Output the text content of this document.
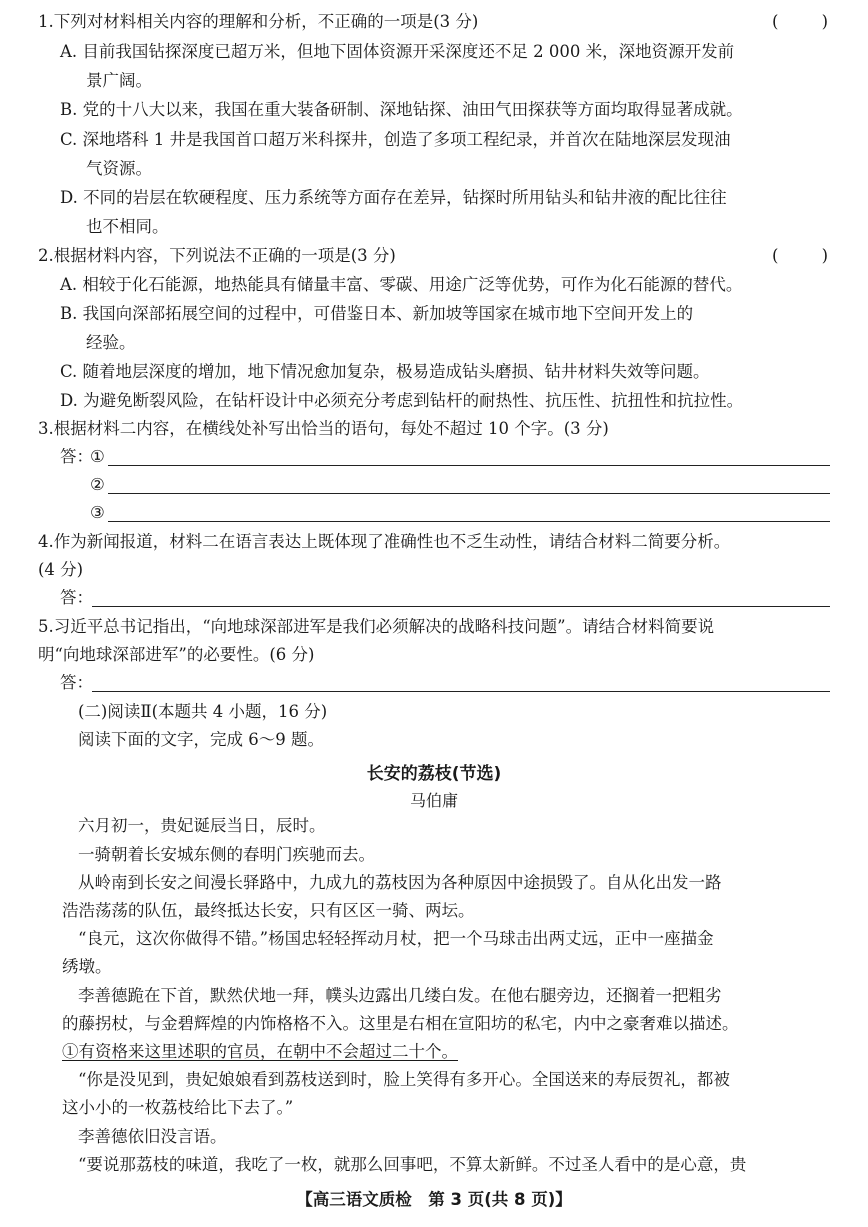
1.下列对材料相关内容的理解和分析，不正确的一项是(3 分)	(	)
A. 目前我国钻探深度已超万米，但地下固体资源开采深度还不足 2 000 米，深地资源开发前
景广阔。
B. 党的十八大以来，我国在重大装备研制、深地钻探、油田气田探获等方面均取得显著成就。
C. 深地塔科 1 井是我国首口超万米科探井，创造了多项工程纪录，并首次在陆地深层发现油
气资源。
D. 不同的岩层在软硬程度、压力系统等方面存在差异，钻探时所用钻头和钻井液的配比往往
也不相同。
2.根据材料内容，下列说法不正确的一项是(3 分)	(	)
A. 相较于化石能源，地热能具有储量丰富、零碳、用途广泛等优势，可作为化石能源的替代。
B. 我国向深部拓展空间的过程中，可借鉴日本、新加坡等国家在城市地下空间开发上的
经验。
C. 随着地层深度的增加，地下情况愈加复杂，极易造成钻头磨损、钻井材料失效等问题。
D. 为避免断裂风险，在钻杆设计中必须充分考虑到钻杆的耐热性、抗压性、抗扭性和抗拉性。
3.根据材料二内容，在横线处补写出恰当的语句，每处不超过 10 个字。(3 分)
答：
①
②
③
4.作为新闻报道，材料二在语言表达上既体现了准确性也不乏生动性，请结合材料二简要分析。
(4 分)
答：
5.习近平总书记指出，“向地球深部进军是我们必须解决的战略科技问题”。请结合材料简要说
明“向地球深部进军”的必要性。(6 分)
答：
(二)阅读Ⅱ(本题共 4 小题，16 分)
阅读下面的文字，完成 6～9 题。
长安的荔枝(节选)
马伯庸
六月初一，贵妃诞辰当日，辰时。
一骑朝着长安城东侧的春明门疾驰而去。
从岭南到长安之间漫长驿路中，九成九的荔枝因为各种原因中途损毁了。自从化出发一路
浩浩荡荡的队伍，最终抵达长安，只有区区一骑、两坛。
“良元，这次你做得不错。”杨国忠轻轻挥动月杖，把一个马球击出两丈远，正中一座描金
绣墩。
李善德跪在下首，默然伏地一拜，幞头边露出几缕白发。在他右腿旁边，还搁着一把粗劣
的藤拐杖，与金碧辉煌的内饰格格不入。这里是右相在宣阳坊的私宅，内中之豪奢难以描述。
①有资格来这里述职的官员，在朝中不会超过二十个。
“你是没见到，贵妃娘娘看到荔枝送到时，脸上笑得有多开心。全国送来的寿辰贺礼，都被
这小小的一枚荔枝给比下去了。”
李善德依旧没言语。
“要说那荔枝的味道，我吃了一枚，就那么回事吧，不算太新鲜。不过圣人看中的是心意，贵
【高三语文质检　第 3 页(共 8 页)】
